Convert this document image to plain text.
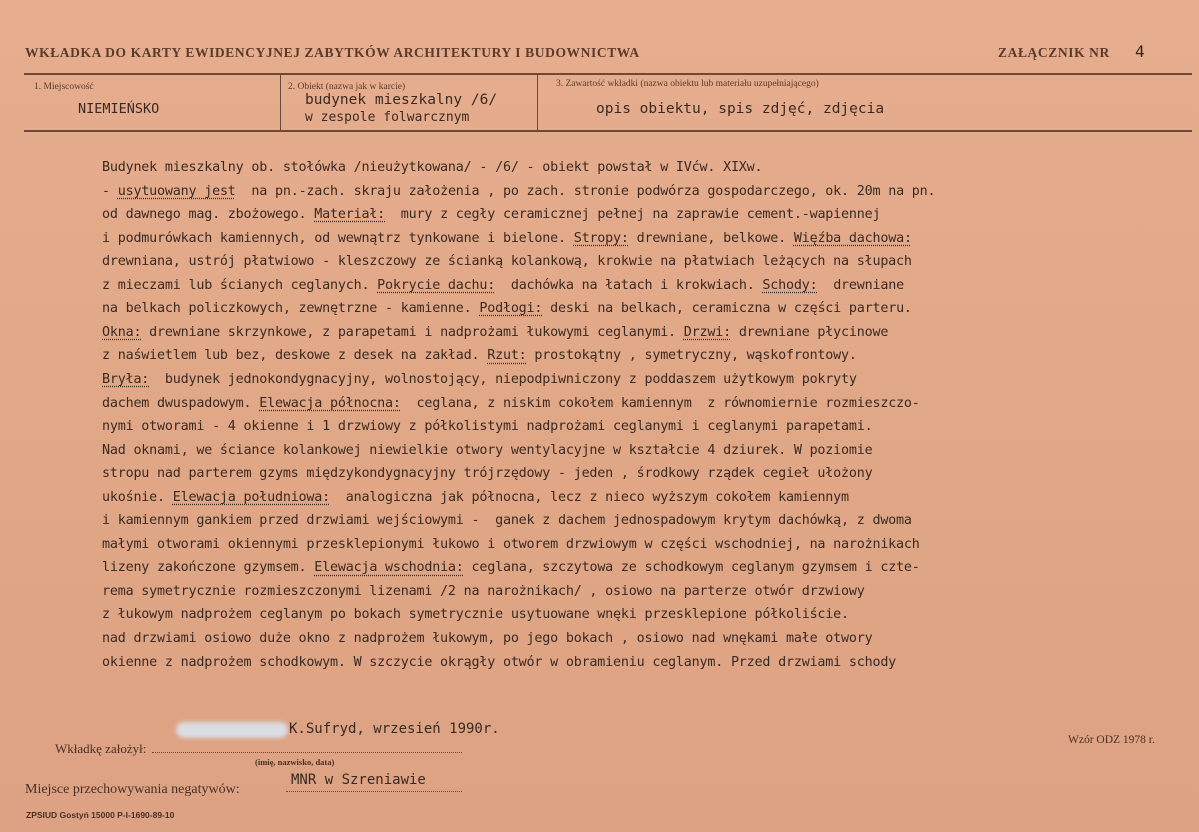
WKŁADKA DO KARTY EWIDENCYJNEJ ZABYTKÓW ARCHITEKTURY I BUDOWNICTWA	ZAŁĄCZNIK NR 4
1. Miejscowość
NIEMIEŃSKO
2. Obiekt (nazwa jak w karcie)
budynek mieszkalny /6/
w zespole folwarcznym
3. Zawartość wkładki (nazwa obiektu lub materiału uzupełniającego)
opis obiektu, spis zdjęć, zdjęcia
Budynek mieszkalny ob. stołówka /nieużytkowana/ - /6/ - obiekt powstał w IVćw. XIXw.
- usytuowany jest  na pn.-zach. skraju założenia , po zach. stronie podwórza gospodarczego, ok. 20m na pn.
od dawnego mag. zbożowego. Materiał:  mury z cegły ceramicznej pełnej na zaprawie cement.-wapiennej
i podmurówkach kamiennych, od wewnątrz tynkowane i bielone. Stropy: drewniane, belkowe. Więźba dachowa:
drewniana, ustrój płatwiowo - kleszczowy ze ścianką kolankową, krokwie na płatwiach leżących na słupach
z mieczami lub ścianych ceglanych. Pokrycie dachu:  dachówka na łatach i krokwiach. Schody:  drewniane
na belkach policzkowych, zewnętrzne - kamienne. Podłogi: deski na belkach, ceramiczna w części parteru.
Okna: drewniane skrzynkowe, z parapetami i nadprożami łukowymi ceglanymi. Drzwi: drewniane płycinowe
z naświetlem lub bez, deskowe z desek na zakład. Rzut: prostokątny , symetryczny, wąskofrontowy.
Bryła:  budynek jednokondygnacyjny, wolnostojący, niepodpiwniczony z poddaszem użytkowym pokryty
dachem dwuspadowym. Elewacja północna:  ceglana, z niskim cokołem kamiennym  z równomiernie rozmieszczo-
nymi otworami - 4 okienne i 1 drzwiowy z półkolistymi nadprożami ceglanymi i ceglanymi parapetami.
Nad oknami, we ściance kolankowej niewielkie otwory wentylacyjne w kształcie 4 dziurek. W poziomie
stropu nad parterem gzyms międzykondygnacyjny trójrzędowy - jeden , środkowy rządek cegieł ułożony
ukośnie. Elewacja południowa:  analogiczna jak północna, lecz z nieco wyższym cokołem kamiennym
i kamiennym gankiem przed drzwiami wejściowymi -  ganek z dachem jednospadowym krytym dachówką, z dwoma
małymi otworami okiennymi przesklepionymi łukowo i otworem drzwiowym w części wschodniej, na narożnikach
lizeny zakończone gzymsem. Elewacja wschodnia: ceglana, szczytowa ze schodkowym ceglanym gzymsem i czte-
rema symetrycznie rozmieszczonymi lizenami /2 na narożnikach/ , osiowo na parterze otwór drzwiowy
z łukowym nadprożem ceglanym po bokach symetrycznie usytuowane wnęki przesklepione półkoliście.
nad drzwiami osiowo duże okno z nadprożem łukowym, po jego bokach , osiowo nad wnękami małe otwory
okienne z nadprożem schodkowym. W szczycie okrągły otwór w obramieniu ceglanym. Przed drzwiami schody
K.Sufryd, wrzesień 1990r.
Wkładkę założył:
(imię, nazwisko, data)
MNR w Szreniawie
Miejsce przechowywania negatywów:
ZPSIUD Gostyń 15000 P-I-1690-89-10
Wzór ODZ 1978 r.
